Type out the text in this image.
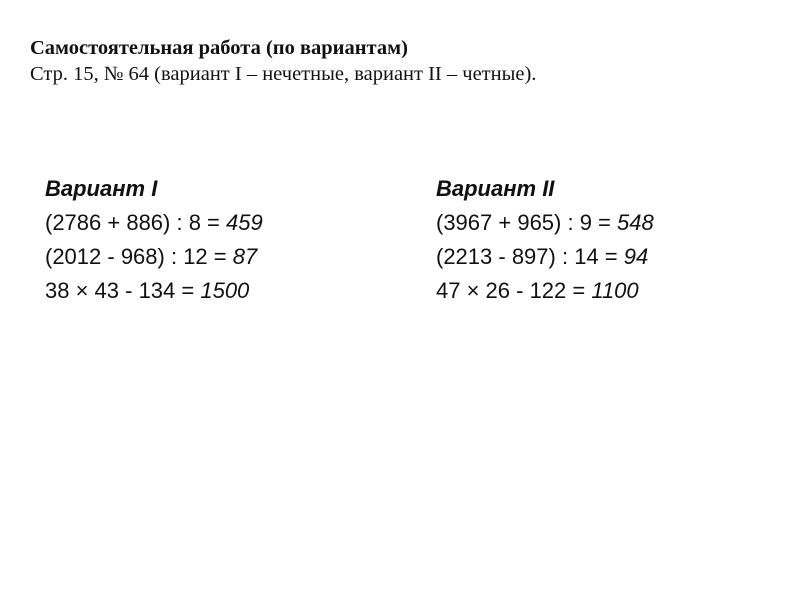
Самостоятельная работа (по вариантам)
Стр. 15, № 64 (вариант I – нечетные, вариант II – четные).
Вариант I
(2786 + 886) : 8 = 459
(2012 - 968) : 12 = 87
38 × 43 - 134 = 1500
Вариант II
(3967 + 965) : 9 = 548
(2213 - 897) : 14 = 94
47 × 26 - 122 = 1100
